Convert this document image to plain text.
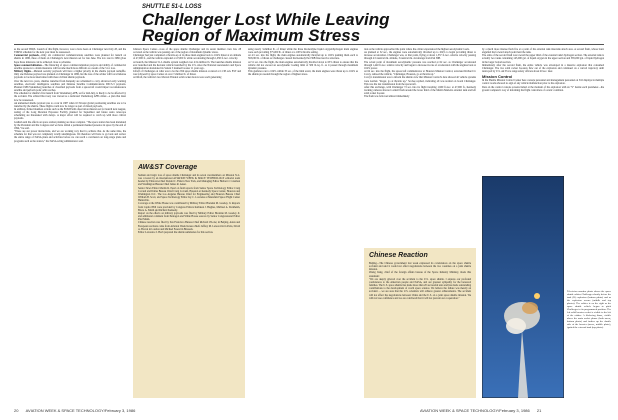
SHUTTLE 51-L LOSS
Challenger Lost While Leaving
Region of Maximum Stress

as the second TDRS. Launch of this flight, however, was to have been on Challenger next July 28, and the TDRSS schedule for the next year must be reassessed.

Commercial payloads—Only six commercial communications satellites were planned for launch on shuttle in 1986, three of them on Challenger's next mission set for late June. The low rate in 1986 gives hope those missions can be achieved close to schedule.

Space commercialization—The financing of space commercialization projects and ability of commercial satellite sponsors to obtain insurance will become much more difficult as a result of the 51-L loss.

Military flights—Manned security payloads will have a higher priority in the shuttle payload reshuffle. Only one Defense payload was planned on Challenger in 1986, but the loss of the orbiter will force Defense payloads to be more intertwined with more civilian shuttle payloads.

Over the next two years, shuttles launched from Kennedy are scheduled to carry advanced early warning satellites, electronic intelligence satellites and Defense Satellite Communications DSCS-3 payloads. Planned 1986 Vandenberg launches of classified payloads from a spacecraft would impact reconnaissance satellite and perform polar orbit reaches.

The schedule for shuttle's first launch from Vandenberg AFB, set for mid-July, is likely to be be affected by the accident. The orbiter Discovery was viewed as a dedicated Vandenberg AFB orbiter—a plan that must now be reassessed.

An unmanned shuttle payload was to occur in 1987 when 10 Navstar global positioning satellites are to be launched by the shuttle. These flights could now be longer as part of mixed payloads.

In addition, firmed manifest actions such as the EOM Earth observation mission set for launch next August, testing of the Long Duration Exposure Facility planned for September and future Astro telescope scheduling are threatened with delays. A major effort will be required to catch up with more critical payloads.

Graham said the effects on space station planning are more complex. "The space station has been mandated by the President and the Congress and we have tabled a permanent manned presence in space by the end of 1994," he said.

"These are our power instructions, and we are working very hard to achieve that. At the same time, the schedule for that was not completely totally unambiguous. We therefore will have to go back and review the entire range of NASA plans and activities before we can reach a conclusion on long-range plans and programs such as the station," the NASA acting administrator said.

Johnson Space Center—Loss of the space shuttle Challenger and its seven member crew Jan. 28 occurred as the vehicle was passing out of the region of maximum dynamic stress.

Challenger had just completed a throttle-up of its three main engines back to 104% thrust at an altitude of 47,000 ft., and the vehicle exploded at 47,000 ft. while accelerating through 1,950 ft./sec. velocity.

At launch, the Mission 51-L shuttle system weighed over 4.52-million lb. The launches shuttle mission ever launched and the heaviest vehicle launched by the U.S. since the National Aeronautics and Space Administration abandoned its Saturn 5 manned booster 11 years ago.

Liftoff of Challenger on what was to be the 25th space shuttle mission occurred at 11:38 a.m. EST and was followed by space Center on over 7-million lb. of thrust.

At liftoff, the vehicle's two Morton Thiokol solid rocket motors were each generating

using nearly 3-million lb. of thrust while the three Rocketdyne liquid oxygen/hydrogen main engines were each providing 375,000 lb. of thrust at a 100% throttle setting.

At 4.5 sec. into the flight, the main engines automatically throttled up to 104% pushing them each to 393,000 lb. of thrust as Challenger cleared the Kennedy Pad 39B fixed service structure.

At 51 sec. into the flight, the main engines automatically throttled down to 65% thrust to ensure that the vehicle did not exceed an aerodynamic loading limit of 580 lb./sq. ft. as it passed through maximum dynamic pressure.

This guidance ran to 104% within 35 sec. of the limit event, the main engines were thrust up to 104% as the shuttle proceeded through the region of highest stress.

AW&ST Coverage

Sudden and tragic loss of space shuttle Challenger and its seven crewmembers on Mission 51-L was covered by an international AVIATION WEEK & SPACE TECHNOLOGY editorial team headed by Editor-in-Chief Donald C. Fink in New York, and Managing Editor Herbert J. Coleman and Washington Bureau Chief James R. Asker.

Senior News Editor Martin R. Pearl on field reports from Senior Space Technology Editor Craig Covault and Dallas Bureau Chief Craig Covault, Houston at Kennedy Space Center, Houston and Washington D.C. The Los Angeles Bureau Chief for Engineering and Houston Bureau Chief William B. Scott, and Space Technology Editor Jay C. Lowndes at Mansfield Space Flight Center Huntsville.

Coverage at the White House was contributed by Military Editor Brendan M. Greeley, Jr. Reports from Capitol Hill were provided by Congress Editors Kathleen J. Hughes, Michael A. Dornheim, Bruce A. Smith and Richard Kennedy.

Report on the effects on military payloads was filed by Military Editor Brendan M. Greeley Jr. and additional comment from Pentagon and White House sources by Senior Congressional Editor Paul Mann.

Chinese reaction was filed by San Francisco Bureau Chief Richard O'Lone; in Beijing. Asian and European reactions came from Aviation Week bureau chiefs Jeffrey M. Lenorovitz in Paris, David A. Brown in London and Michael Feazel in Brussels.

Editor Lawrence J. Herb prepared the shuttle summaries for this section.

tion as the vehicle approached the point where the orbiter experienced the highest aerodynamic loads.

As planned at 52 sec., the engines were automatically throttled up to 104% to begin providing thrust to increase acceleration. Challenger was, at that point, flying at about 1,357 ft./sec. relative velocity passing through 4.5 nautical mi. altitude, 3 nautical mi. downrange from Pad 39B.

The actual point of maximum aerodynamic pressure was reached at 62 sec. as Challenger accelerated through 1,440 ft./sec. relative velocity and began to increase its rate of acceleration with the engines back at 104% power.

At 64 sec. into the flight, the spacecraft communicator at Houston Mission Control, astronaut Richard O. Covey, radioed the vehicle, "Challenger, Houston, go at throttle up."

Covey's transmission was to inform the shuttle crew that Mission Control's data showed all vehicle systems were normal. "Roger, go at throttle up," Scobee replied, indicating all was normal on board Challenger. This was the last transmission from the spacecraft.

After this exchange, with Challenger 72 sec. into its flight traveling 1,900 ft./sec. at 47,000 ft., Kennedy tracking cameras showed a small flash around the lower third of the Martin Marietta external tank and left solid rocket booster.

The flash was followed almost immediately

Chinese Reaction

Beijing—The Chinese government last week expressed its condolences on the space shuttle accident and said it would not affect negotiations between the two countries on a joint shuttle mission.

Zhang Jiang, chief of the foreign affairs bureau of the Space Industry Ministry, made this statement:

"We are deeply grieved over the accident to the U.S. space shuttle. I express our profound condolences to the American people and NASA, and our greatest sympathy for the bereaved families. The U.S. space shuttle has made more than 20 successful tests and has made outstanding contributions to the development of world space science. We believe the failure was merely an accident ... we are sure that the U.S. scientists will achieve greater achievements. The accident will not affect the negotiations between China and the U.S. on a joint space shuttle mission. We will not lose confidence and we are convinced that it will not prevent our cooperation."

by a much more intense flash fire at a point of the external tank intertank attach area. A second flash, whose burst engulfed the forward attach point bent the tank.

The arms of the second flash was toward the upper third of the external tank's hydrogen section. The external tank is actually two tanks containing 143,000 gal. of liquid oxygen in the upper section and 385,000 gal. of liquid hydrogen in the larger bottom section.

Immediately after the second flash, the entire vehicle was enveloped in a massive explosion that consumed Challenger. The two solid rocket boosters flew out of the explosion and continued on a curved trajectory until destroyed by U.S. Air Force range safety officers about 20 sec. later.

Mission Control

In the Shuttle Mission Control Center here console personnel and management personnel on 516 displays in multiple control rooms showed no sign of any vehicle malfunction prior to the explosion.

Data on the control console screens halted at the moment of the explosion with an "S" beside each parameter—the ground computer's way of informing the flight controllers of a static condition.

Television monitor photo shows the space shuttle orbiter Challenger shortly before the tank (B) explosion (bottom photo) and as the explosion occurs (middle and top photos). The orbiter is on the right as the space shuttle vehicle began to pitch Challenger to its programmed position. The left solid booster rocket is visible to the left of the orbiter. A flickering flame, visible above the main rocket plume (both arrow, bottom photo) and farther up the shuttle side of the booster (arrow, middle photo), ignited the external tank (top photo).

20 AVIATION WEEK & SPACE TECHNOLOGY/February 3, 1986	AVIATION WEEK & SPACE TECHNOLOGY/February 3, 1986 21
